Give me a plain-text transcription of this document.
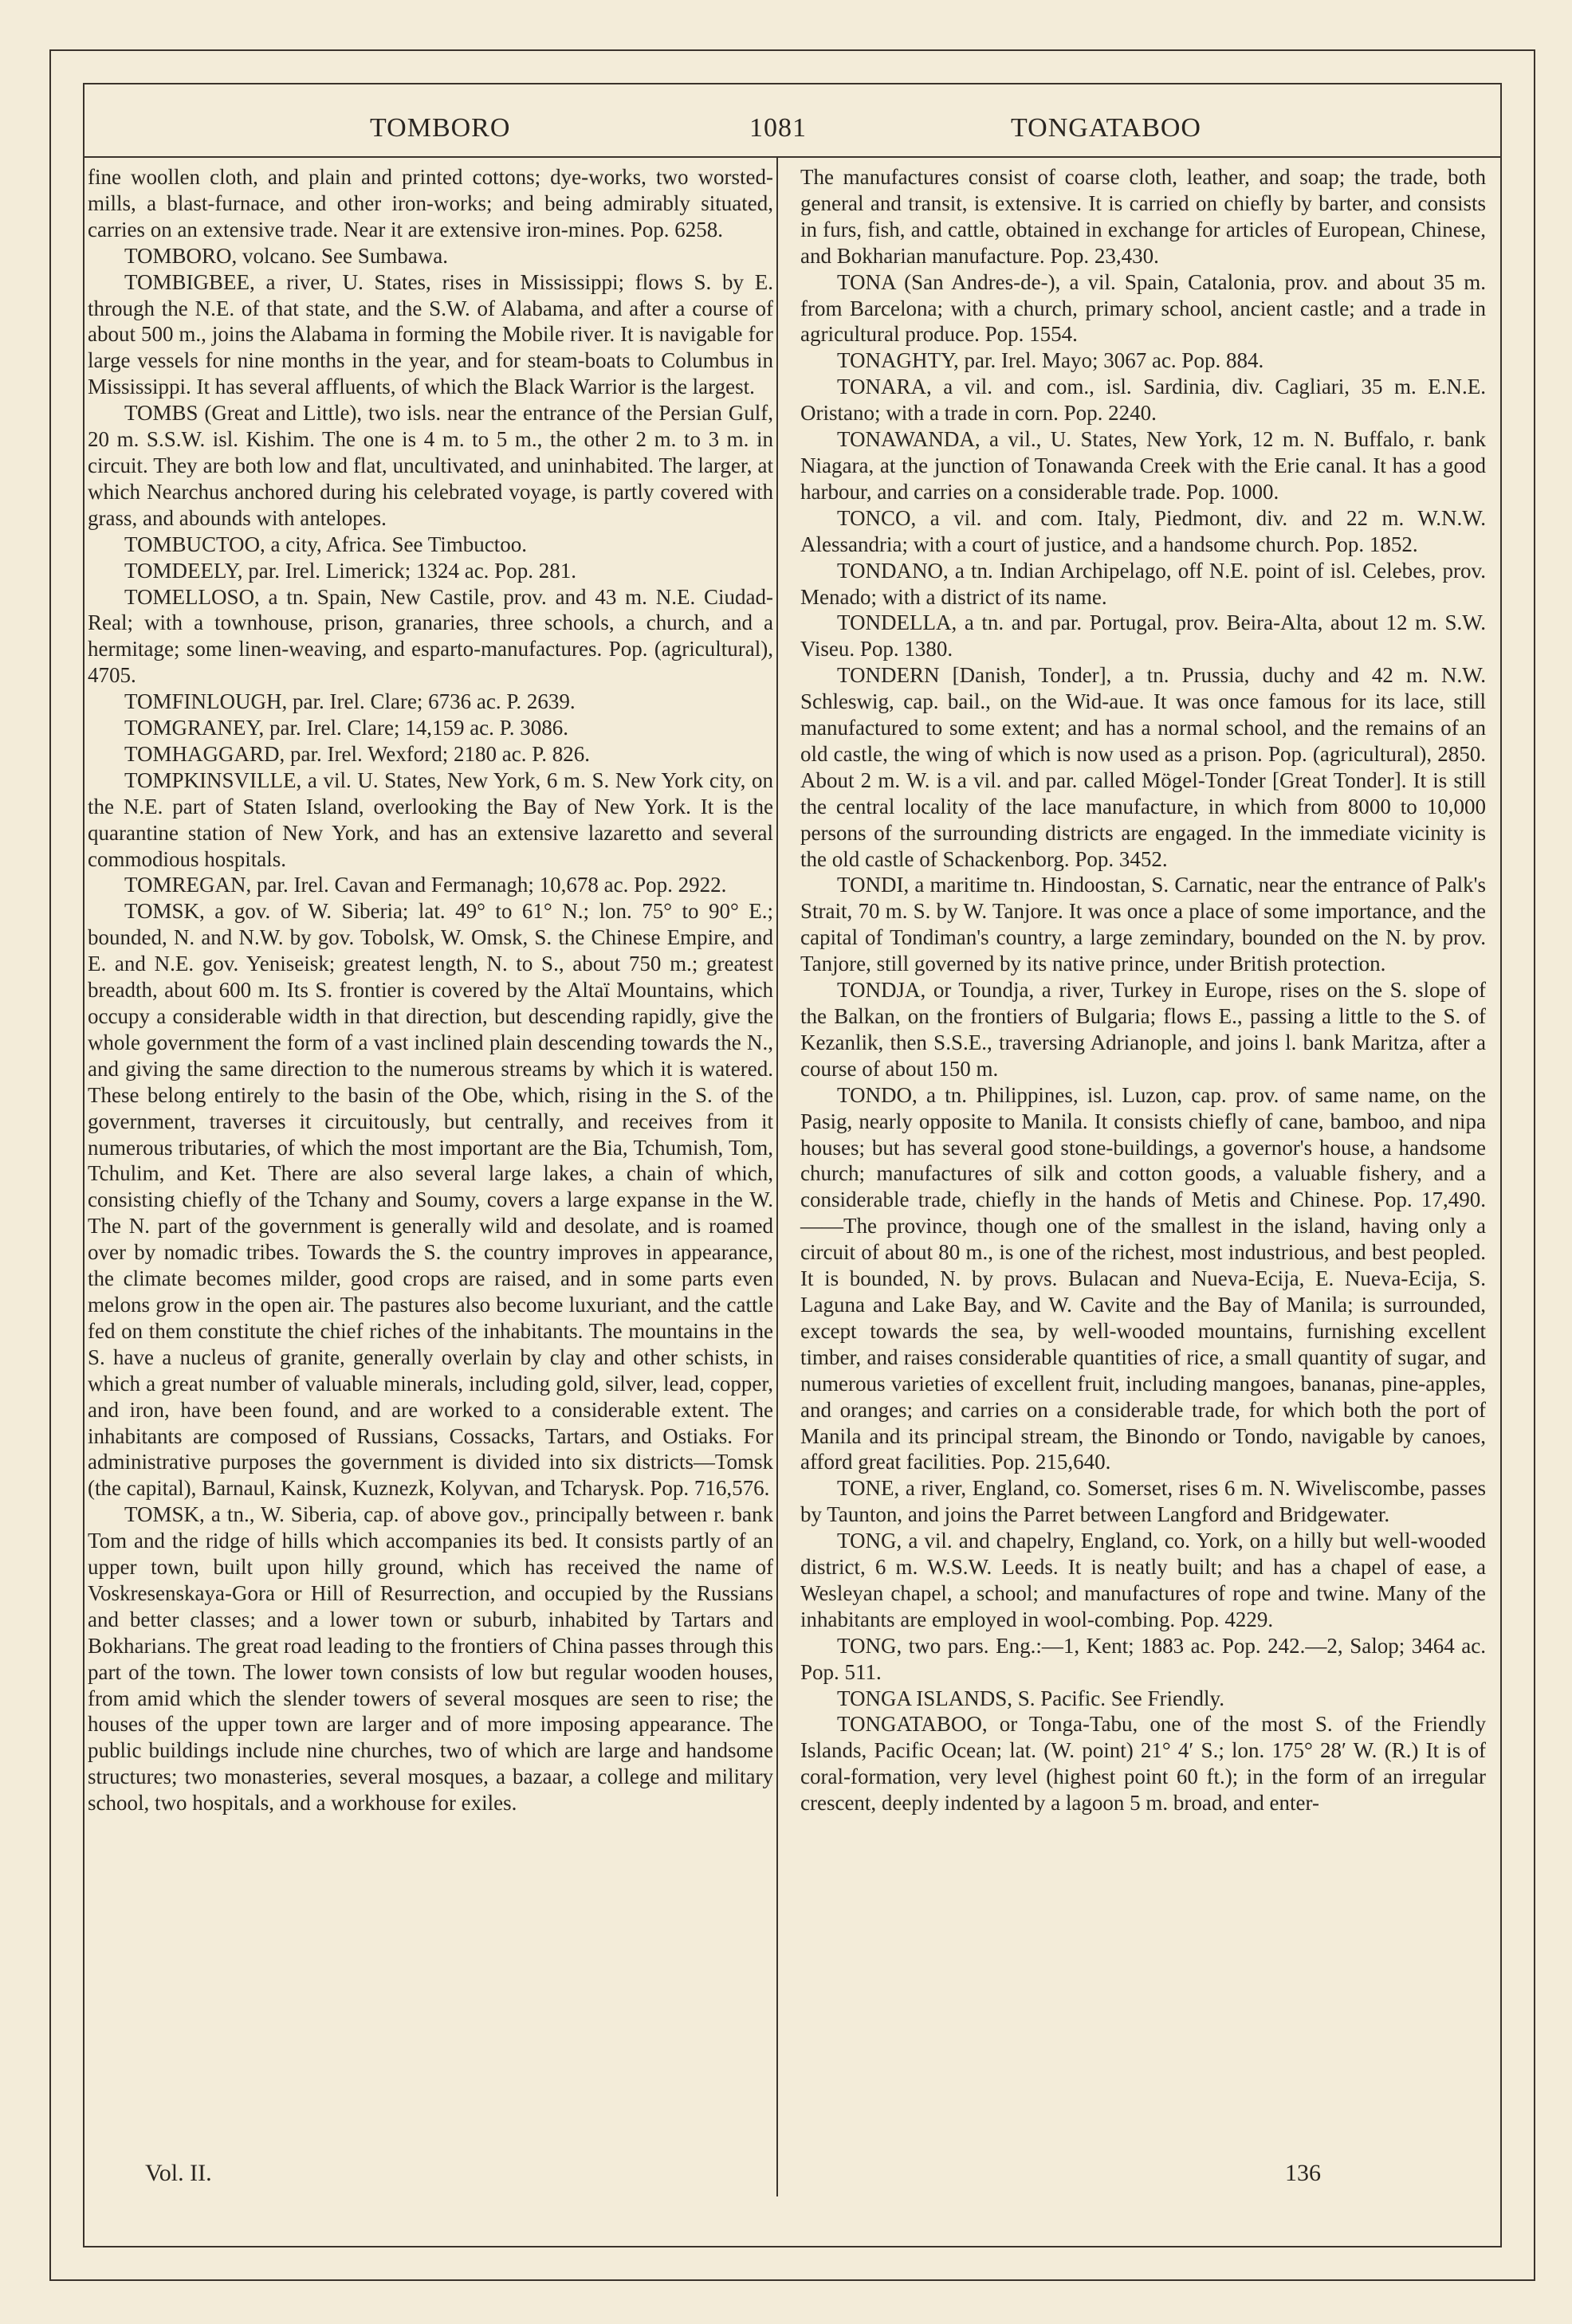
TOMBORO	1081	TONGATABOO

fine woollen cloth, and plain and printed cottons; dye-works, two worsted-mills, a blast-furnace, and other iron-works; and being admirably situated, carries on an extensive trade. Near it are extensive iron-mines. Pop. 6258.

TOMBORO, volcano. See Sumbawa.

TOMBIGBEE, a river, U. States, rises in Mississippi; flows S. by E. through the N.E. of that state, and the S.W. of Alabama, and after a course of about 500 m., joins the Alabama in forming the Mobile river. It is navigable for large vessels for nine months in the year, and for steam-boats to Columbus in Mississippi. It has several affluents, of which the Black Warrior is the largest.

TOMBS (Great and Little), two isls. near the entrance of the Persian Gulf, 20 m. S.S.W. isl. Kishim. The one is 4 m. to 5 m., the other 2 m. to 3 m. in circuit. They are both low and flat, uncultivated, and uninhabited. The larger, at which Nearchus anchored during his celebrated voyage, is partly covered with grass, and abounds with antelopes.

TOMBUCTOO, a city, Africa. See Timbuctoo.

TOMDEELY, par. Irel. Limerick; 1324 ac. Pop. 281.

TOMELLOSO, a tn. Spain, New Castile, prov. and 43 m. N.E. Ciudad-Real; with a townhouse, prison, granaries, three schools, a church, and a hermitage; some linen-weaving, and esparto-manufactures. Pop. (agricultural), 4705.

TOMFINLOUGH, par. Irel. Clare; 6736 ac. P. 2639.

TOMGRANEY, par. Irel. Clare; 14,159 ac. P. 3086.

TOMHAGGARD, par. Irel. Wexford; 2180 ac. P. 826.

TOMPKINSVILLE, a vil. U. States, New York, 6 m. S. New York city, on the N.E. part of Staten Island, overlooking the Bay of New York. It is the quarantine station of New York, and has an extensive lazaretto and several commodious hospitals.

TOMREGAN, par. Irel. Cavan and Fermanagh; 10,678 ac. Pop. 2922.

TOMSK, a gov. of W. Siberia; lat. 49° to 61° N.; lon. 75° to 90° E.; bounded, N. and N.W. by gov. Tobolsk, W. Omsk, S. the Chinese Empire, and E. and N.E. gov. Yeniseisk; greatest length, N. to S., about 750 m.; greatest breadth, about 600 m. Its S. frontier is covered by the Altaï Mountains, which occupy a considerable width in that direction, but descending rapidly, give the whole government the form of a vast inclined plain descending towards the N., and giving the same direction to the numerous streams by which it is watered. These belong entirely to the basin of the Obe, which, rising in the S. of the government, traverses it circuitously, but centrally, and receives from it numerous tributaries, of which the most important are the Bia, Tchumish, Tom, Tchulim, and Ket. There are also several large lakes, a chain of which, consisting chiefly of the Tchany and Soumy, covers a large expanse in the W. The N. part of the government is generally wild and desolate, and is roamed over by nomadic tribes. Towards the S. the country improves in appearance, the climate becomes milder, good crops are raised, and in some parts even melons grow in the open air. The pastures also become luxuriant, and the cattle fed on them constitute the chief riches of the inhabitants. The mountains in the S. have a nucleus of granite, generally overlain by clay and other schists, in which a great number of valuable minerals, including gold, silver, lead, copper, and iron, have been found, and are worked to a considerable extent. The inhabitants are composed of Russians, Cossacks, Tartars, and Ostiaks. For administrative purposes the government is divided into six districts—Tomsk (the capital), Barnaul, Kainsk, Kuznezk, Kolyvan, and Tcharysk. Pop. 716,576.

TOMSK, a tn., W. Siberia, cap. of above gov., principally between r. bank Tom and the ridge of hills which accompanies its bed. It consists partly of an upper town, built upon hilly ground, which has received the name of Voskresenskaya-Gora or Hill of Resurrection, and occupied by the Russians and better classes; and a lower town or suburb, inhabited by Tartars and Bokharians. The great road leading to the frontiers of China passes through this part of the town. The lower town consists of low but regular wooden houses, from amid which the slender towers of several mosques are seen to rise; the houses of the upper town are larger and of more imposing appearance. The public buildings include nine churches, two of which are large and handsome structures; two monasteries, several mosques, a bazaar, a college and military school, two hospitals, and a workhouse for exiles.

The manufactures consist of coarse cloth, leather, and soap; the trade, both general and transit, is extensive. It is carried on chiefly by barter, and consists in furs, fish, and cattle, obtained in exchange for articles of European, Chinese, and Bokharian manufacture. Pop. 23,430.

TONA (San Andres-de-), a vil. Spain, Catalonia, prov. and about 35 m. from Barcelona; with a church, primary school, ancient castle; and a trade in agricultural produce. Pop. 1554.

TONAGHTY, par. Irel. Mayo; 3067 ac. Pop. 884.

TONARA, a vil. and com., isl. Sardinia, div. Cagliari, 35 m. E.N.E. Oristano; with a trade in corn. Pop. 2240.

TONAWANDA, a vil., U. States, New York, 12 m. N. Buffalo, r. bank Niagara, at the junction of Tonawanda Creek with the Erie canal. It has a good harbour, and carries on a considerable trade. Pop. 1000.

TONCO, a vil. and com. Italy, Piedmont, div. and 22 m. W.N.W. Alessandria; with a court of justice, and a handsome church. Pop. 1852.

TONDANO, a tn. Indian Archipelago, off N.E. point of isl. Celebes, prov. Menado; with a district of its name.

TONDELLA, a tn. and par. Portugal, prov. Beira-Alta, about 12 m. S.W. Viseu. Pop. 1380.

TONDERN [Danish, Tonder], a tn. Prussia, duchy and 42 m. N.W. Schleswig, cap. bail., on the Wid-aue. It was once famous for its lace, still manufactured to some extent; and has a normal school, and the remains of an old castle, the wing of which is now used as a prison. Pop. (agricultural), 2850. About 2 m. W. is a vil. and par. called Mögel-Tonder [Great Tonder]. It is still the central locality of the lace manufacture, in which from 8000 to 10,000 persons of the surrounding districts are engaged. In the immediate vicinity is the old castle of Schackenborg. Pop. 3452.

TONDI, a maritime tn. Hindoostan, S. Carnatic, near the entrance of Palk's Strait, 70 m. S. by W. Tanjore. It was once a place of some importance, and the capital of Tondiman's country, a large zemindary, bounded on the N. by prov. Tanjore, still governed by its native prince, under British protection.

TONDJA, or Toundja, a river, Turkey in Europe, rises on the S. slope of the Balkan, on the frontiers of Bulgaria; flows E., passing a little to the S. of Kezanlik, then S.S.E., traversing Adrianople, and joins l. bank Maritza, after a course of about 150 m.

TONDO, a tn. Philippines, isl. Luzon, cap. prov. of same name, on the Pasig, nearly opposite to Manila. It consists chiefly of cane, bamboo, and nipa houses; but has several good stone-buildings, a governor's house, a handsome church; manufactures of silk and cotton goods, a valuable fishery, and a considerable trade, chiefly in the hands of Metis and Chinese. Pop. 17,490.——The province, though one of the smallest in the island, having only a circuit of about 80 m., is one of the richest, most industrious, and best peopled. It is bounded, N. by provs. Bulacan and Nueva-Ecija, E. Nueva-Ecija, S. Laguna and Lake Bay, and W. Cavite and the Bay of Manila; is surrounded, except towards the sea, by well-wooded mountains, furnishing excellent timber, and raises considerable quantities of rice, a small quantity of sugar, and numerous varieties of excellent fruit, including mangoes, bananas, pine-apples, and oranges; and carries on a considerable trade, for which both the port of Manila and its principal stream, the Binondo or Tondo, navigable by canoes, afford great facilities. Pop. 215,640.

TONE, a river, England, co. Somerset, rises 6 m. N. Wiveliscombe, passes by Taunton, and joins the Parret between Langford and Bridgewater.

TONG, a vil. and chapelry, England, co. York, on a hilly but well-wooded district, 6 m. W.S.W. Leeds. It is neatly built; and has a chapel of ease, a Wesleyan chapel, a school; and manufactures of rope and twine. Many of the inhabitants are employed in wool-combing. Pop. 4229.

TONG, two pars. Eng.:—1, Kent; 1883 ac. Pop. 242.—2, Salop; 3464 ac. Pop. 511.

TONGA ISLANDS, S. Pacific. See Friendly.

TONGATABOO, or Tonga-Tabu, one of the most S. of the Friendly Islands, Pacific Ocean; lat. (W. point) 21° 4′ S.; lon. 175° 28′ W. (R.) It is of coral-formation, very level (highest point 60 ft.); in the form of an irregular crescent, deeply indented by a lagoon 5 m. broad, and enter-

Vol. II.	136
